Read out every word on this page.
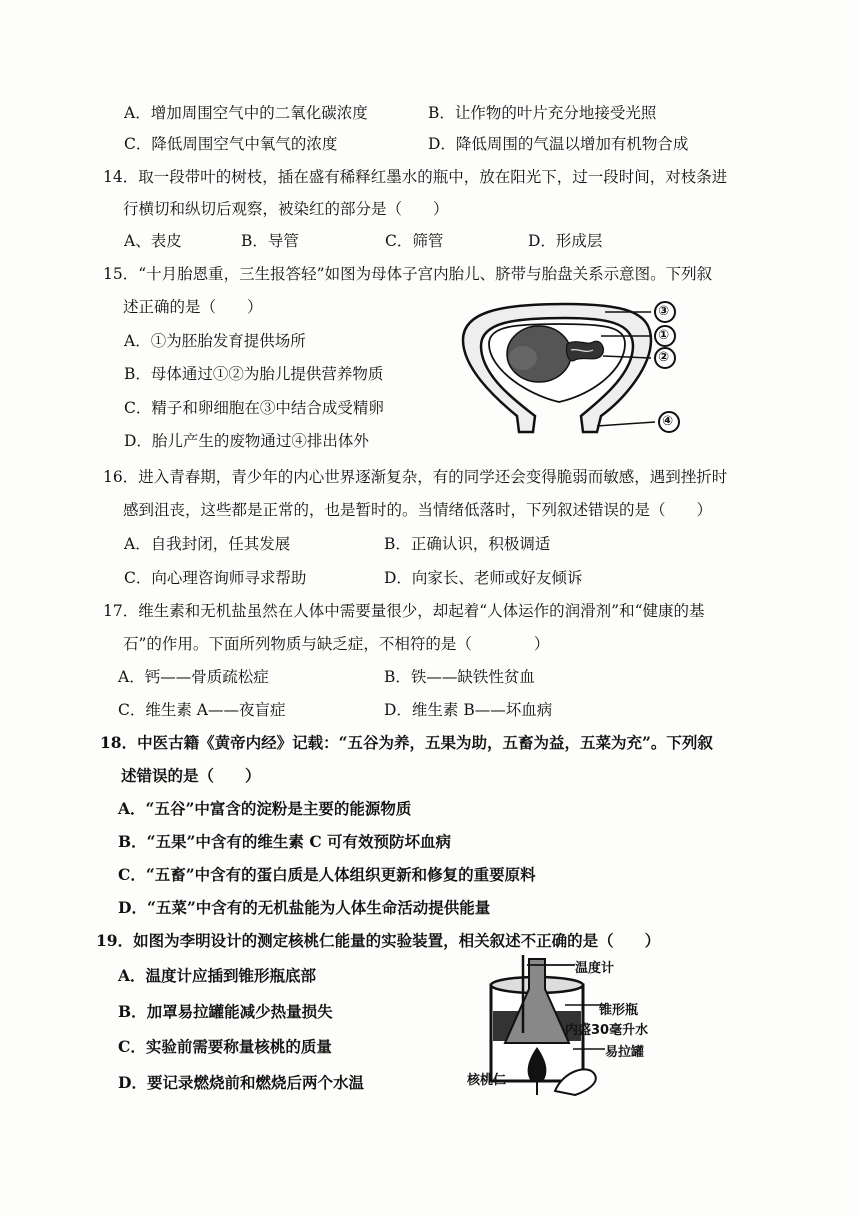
A．增加周围空气中的二氧化碳浓度	B．让作物的叶片充分地接受光照
C．降低周围空气中氧气的浓度	D．降低周围的气温以增加有机物合成
14．取一段带叶的树枝，插在盛有稀释红墨水的瓶中，放在阳光下，过一段时间，对枝条进
行横切和纵切后观察，被染红的部分是（　　）
A、表皮	B．导管	C．筛管	D．形成层
15．“十月胎恩重，三生报答轻”如图为母体子宫内胎儿、脐带与胎盘关系示意图。下列叙
述正确的是（　　）
A．①为胚胎发育提供场所
B．母体通过①②为胎儿提供营养物质
C．精子和卵细胞在③中结合成受精卵
D．胎儿产生的废物通过④排出体外
③
①
②
④
16．进入青春期，青少年的内心世界逐渐复杂，有的同学还会变得脆弱而敏感，遇到挫折时
感到沮丧，这些都是正常的，也是暂时的。当情绪低落时，下列叙述错误的是（　　）
A．自我封闭，任其发展	B．正确认识，积极调适
C．向心理咨询师寻求帮助	D．向家长、老师或好友倾诉
17．维生素和无机盐虽然在人体中需要量很少，却起着“人体运作的润滑剂”和“健康的基
石”的作用。下面所列物质与缺乏症，不相符的是（　　　　）
A．钙——骨质疏松症	B．铁——缺铁性贫血
C．维生素 A——夜盲症	D．维生素 B——坏血病
18．中医古籍《黄帝内经》记载：“五谷为养，五果为助，五畜为益，五菜为充”。下列叙
述错误的是（　　）
A．“五谷”中富含的淀粉是主要的能源物质
B．“五果”中含有的维生素 C 可有效预防坏血病
C．“五畜”中含有的蛋白质是人体组织更新和修复的重要原料
D．“五菜”中含有的无机盐能为人体生命活动提供能量
19．如图为李明设计的测定核桃仁能量的实验装置，相关叙述不正确的是（　　）
A．温度计应插到锥形瓶底部
B．加罩易拉罐能减少热量损失
C．实验前需要称量核桃的质量
D．要记录燃烧前和燃烧后两个水温
温度计
锥形瓶
内盛30毫升水
易拉罐
核桃仁
